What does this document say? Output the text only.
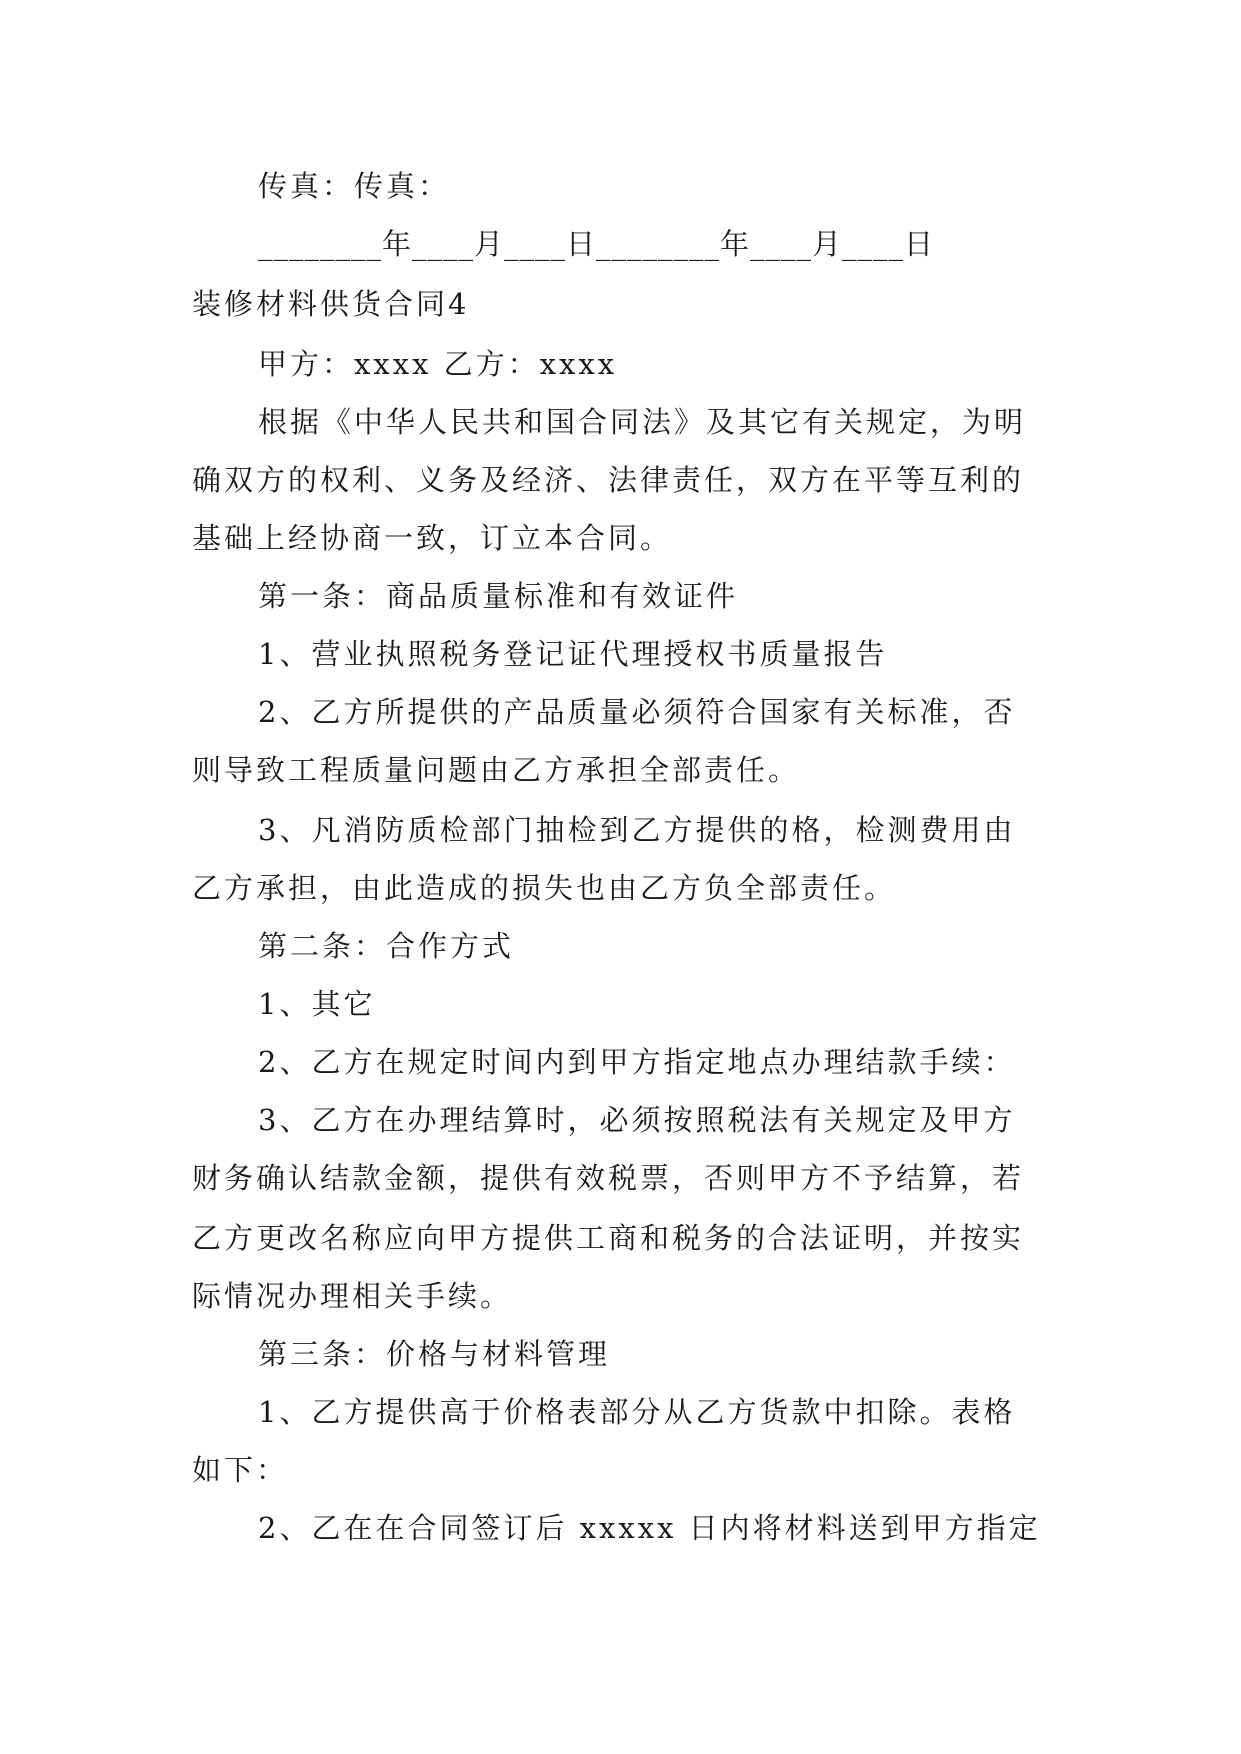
传真：传真：
________年____月____日________年____月____日
装修材料供货合同4
甲方：xxxx 乙方：xxxx
根据《中华人民共和国合同法》及其它有关规定，为明
确双方的权利、义务及经济、法律责任，双方在平等互利的
基础上经协商一致，订立本合同。
第一条：商品质量标准和有效证件
1、营业执照税务登记证代理授权书质量报告
2、乙方所提供的产品质量必须符合国家有关标准，否
则导致工程质量问题由乙方承担全部责任。
3、凡消防质检部门抽检到乙方提供的格，检测费用由
乙方承担，由此造成的损失也由乙方负全部责任。
第二条：合作方式
1、其它
2、乙方在规定时间内到甲方指定地点办理结款手续：
3、乙方在办理结算时，必须按照税法有关规定及甲方
财务确认结款金额，提供有效税票，否则甲方不予结算，若
乙方更改名称应向甲方提供工商和税务的合法证明，并按实
际情况办理相关手续。
第三条：价格与材料管理
1、乙方提供高于价格表部分从乙方货款中扣除。表格
如下：
2、乙在在合同签订后 xxxxx 日内将材料送到甲方指定
